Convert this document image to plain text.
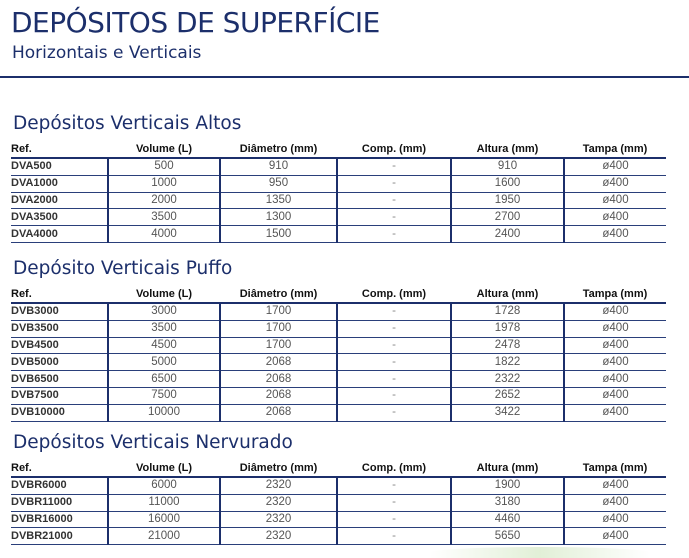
DEPÓSITOS DE SUPERFÍCIE
Horizontais e Verticais
Depósitos Verticais Altos
Ref.	Volume (L)	Diâmetro (mm)	Comp. (mm)	Altura (mm)	Tampa (mm)
DVA500	500	910	-	910	ø400
DVA1000	1000	950	-	1600	ø400
DVA2000	2000	1350	-	1950	ø400
DVA3500	3500	1300	-	2700	ø400
DVA4000	4000	1500	-	2400	ø400
Depósito Verticais Puffo
Ref.	Volume (L)	Diâmetro (mm)	Comp. (mm)	Altura (mm)	Tampa (mm)
DVB3000	3000	1700	-	1728	ø400
DVB3500	3500	1700	-	1978	ø400
DVB4500	4500	1700	-	2478	ø400
DVB5000	5000	2068	-	1822	ø400
DVB6500	6500	2068	-	2322	ø400
DVB7500	7500	2068	-	2652	ø400
DVB10000	10000	2068	-	3422	ø400
Depósitos Verticais Nervurado
Ref.	Volume (L)	Diâmetro (mm)	Comp. (mm)	Altura (mm)	Tampa (mm)
DVBR6000	6000	2320	-	1900	ø400
DVBR11000	11000	2320	-	3180	ø400
DVBR16000	16000	2320	-	4460	ø400
DVBR21000	21000	2320	-	5650	ø400
